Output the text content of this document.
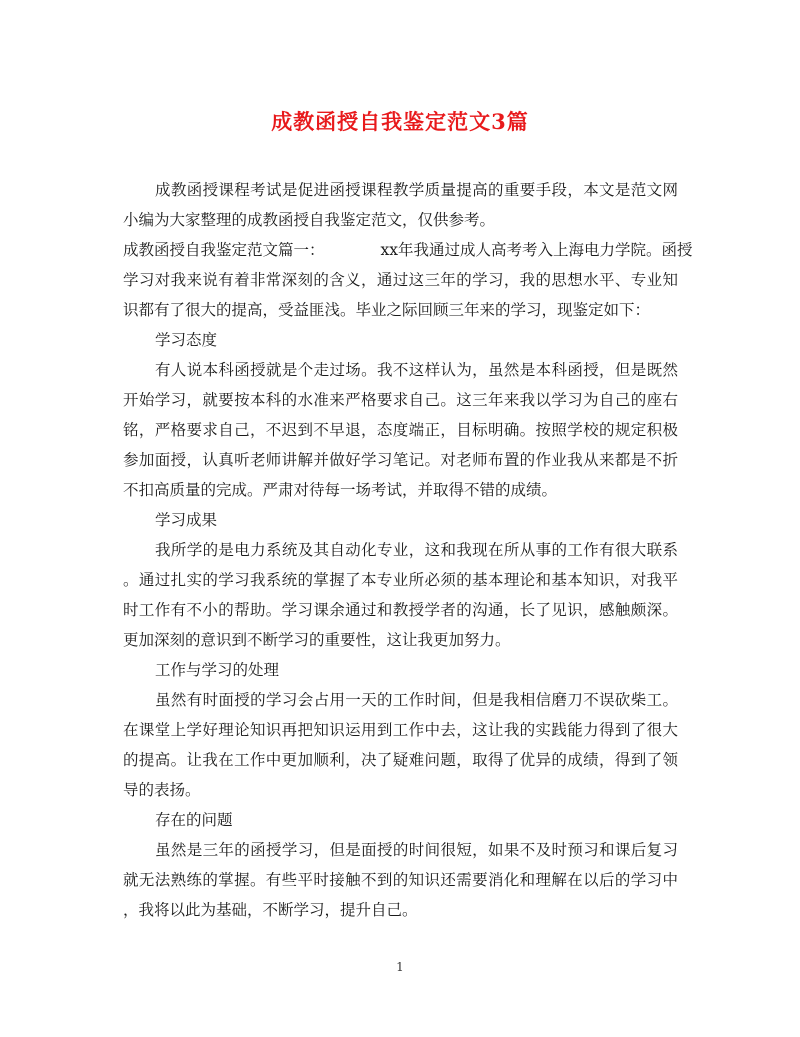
成教函授自我鉴定范文3篇
成教函授课程考试是促进函授课程教学质量提高的重要手段，本文是范文网
小编为大家整理的成教函授自我鉴定范文，仅供参考。
成教函授自我鉴定范文篇一：	xx年我通过成人高考考入上海电力学院。函授
学习对我来说有着非常深刻的含义，通过这三年的学习，我的思想水平、专业知
识都有了很大的提高，受益匪浅。毕业之际回顾三年来的学习，现鉴定如下：
学习态度
有人说本科函授就是个走过场。我不这样认为，虽然是本科函授，但是既然
开始学习，就要按本科的水准来严格要求自己。这三年来我以学习为自己的座右
铭，严格要求自己，不迟到不早退，态度端正，目标明确。按照学校的规定积极
参加面授，认真听老师讲解并做好学习笔记。对老师布置的作业我从来都是不折
不扣高质量的完成。严肃对待每一场考试，并取得不错的成绩。
学习成果
我所学的是电力系统及其自动化专业，这和我现在所从事的工作有很大联系
。通过扎实的学习我系统的掌握了本专业所必须的基本理论和基本知识，对我平
时工作有不小的帮助。学习课余通过和教授学者的沟通，长了见识，感触颇深。
更加深刻的意识到不断学习的重要性，这让我更加努力。
工作与学习的处理
虽然有时面授的学习会占用一天的工作时间，但是我相信磨刀不误砍柴工。
在课堂上学好理论知识再把知识运用到工作中去，这让我的实践能力得到了很大
的提高。让我在工作中更加顺利，决了疑难问题，取得了优异的成绩，得到了领
导的表扬。
存在的问题
虽然是三年的函授学习，但是面授的时间很短，如果不及时预习和课后复习
就无法熟练的掌握。有些平时接触不到的知识还需要消化和理解在以后的学习中
，我将以此为基础，不断学习，提升自己。
1
